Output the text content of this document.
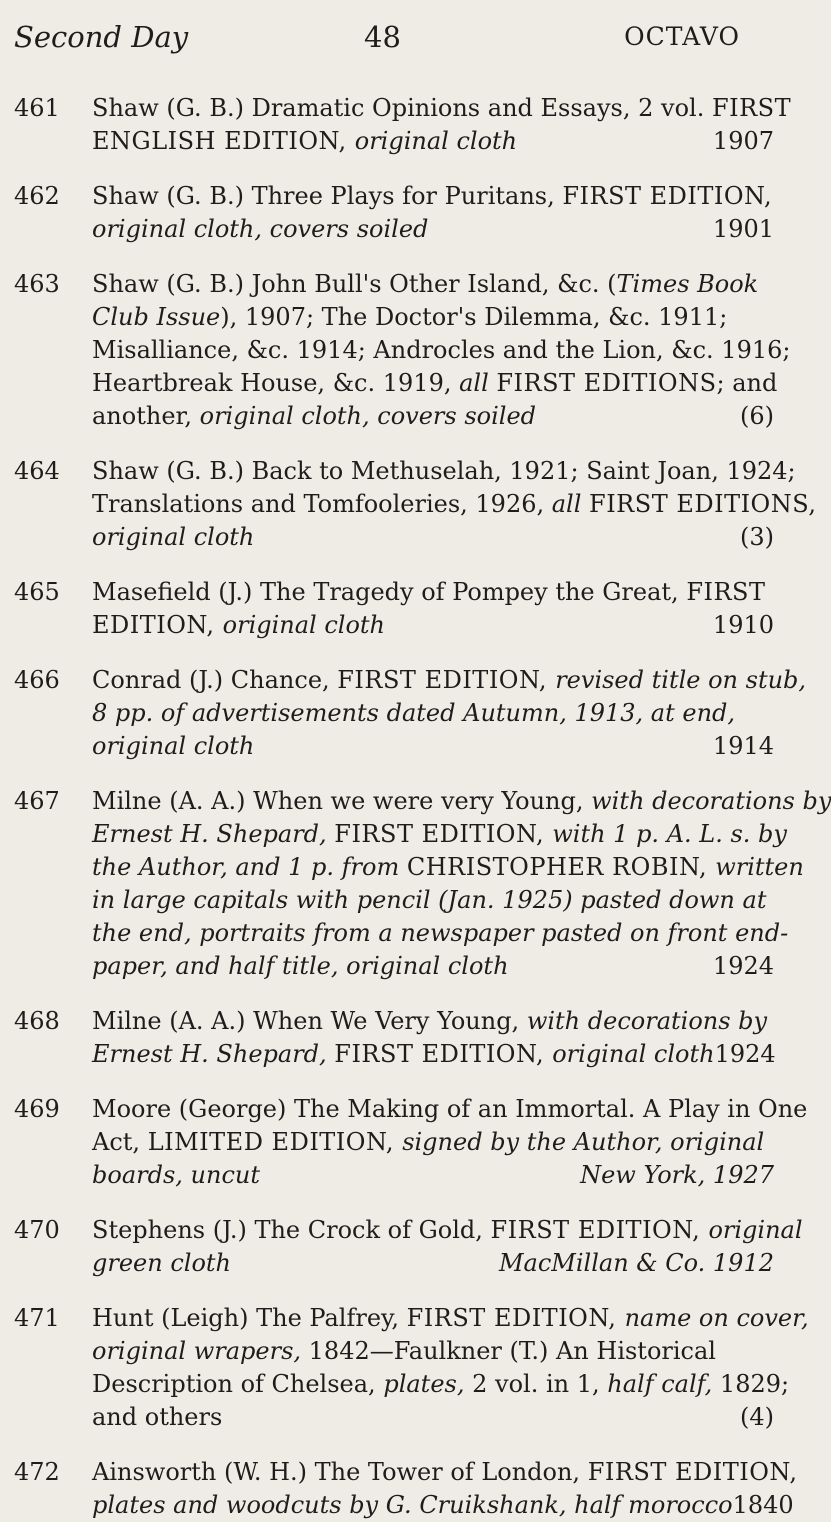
Second Day	48	OCTAVO
461	Shaw (G. B.) Dramatic Opinions and Essays, 2 vol. FIRST
ENGLISH EDITION, original cloth	1907
462	Shaw (G. B.) Three Plays for Puritans, FIRST EDITION,
original cloth, covers soiled	1901
463	Shaw (G. B.) John Bull's Other Island, &c. (Times Book
Club Issue), 1907; The Doctor's Dilemma, &c. 1911;
Misalliance, &c. 1914; Androcles and the Lion, &c. 1916;
Heartbreak House, &c. 1919, all FIRST EDITIONS; and
another, original cloth, covers soiled	(6)
464	Shaw (G. B.) Back to Methuselah, 1921; Saint Joan, 1924;
Translations and Tomfooleries, 1926, all FIRST EDITIONS,
original cloth	(3)
465	Masefield (J.) The Tragedy of Pompey the Great, FIRST
EDITION, original cloth	1910
466	Conrad (J.) Chance, FIRST EDITION, revised title on stub,
8 pp. of advertisements dated Autumn, 1913, at end,
original cloth	1914
467	Milne (A. A.) When we were very Young, with decorations by
Ernest H. Shepard, FIRST EDITION, with 1 p. A. L. s. by
the Author, and 1 p. from CHRISTOPHER ROBIN, written
in large capitals with pencil (Jan. 1925) pasted down at
the end, portraits from a newspaper pasted on front end-
paper, and half title, original cloth	1924
468	Milne (A. A.) When We Very Young, with decorations by
Ernest H. Shepard, FIRST EDITION, original cloth 1924
469	Moore (George) The Making of an Immortal. A Play in One
Act, LIMITED EDITION, signed by the Author, original
boards, uncut	New York, 1927
470	Stephens (J.) The Crock of Gold, FIRST EDITION, original
green cloth	MacMillan & Co. 1912
471	Hunt (Leigh) The Palfrey, FIRST EDITION, name on cover,
original wrapers, 1842—Faulkner (T.) An Historical
Description of Chelsea, plates, 2 vol. in 1, half calf, 1829;
and others	(4)
472	Ainsworth (W. H.) The Tower of London, FIRST EDITION,
plates and woodcuts by G. Cruikshank, half morocco 1840
